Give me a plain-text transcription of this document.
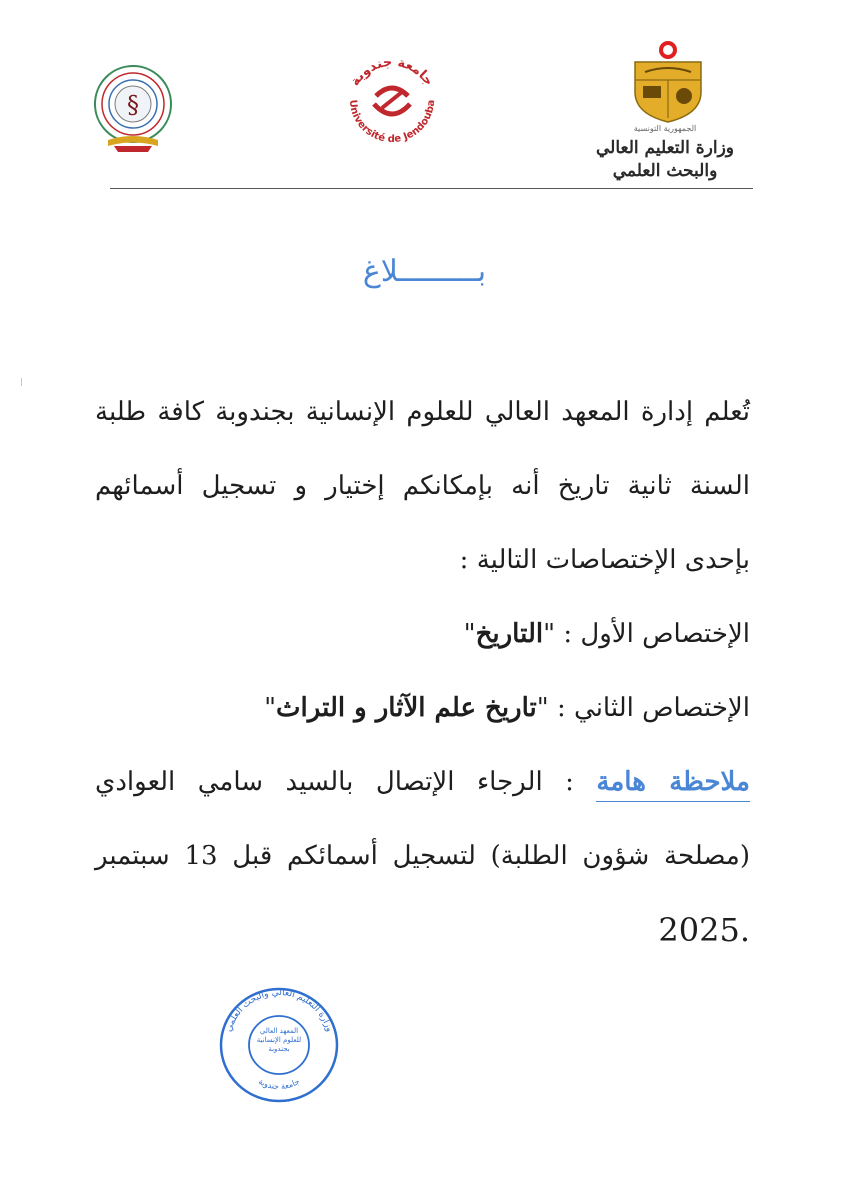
§
جامعة جندوبة
Université de Jendouba
الجمهورية التونسية
وزارة التعليم العالي
والبحث العلمي
بـــــــــلاغ
تُعلم إدارة المعهد العالي للعلوم الإنسانية بجندوبة كافة طلبة
السنة ثانية تاريخ أنه بإمكانكم إختيار و تسجيل أسمائهم
بإحدى الإختصاصات التالية :
الإختصاص الأول : "التاريخ"
الإختصاص الثاني : "تاريخ علم الآثار و التراث"
ملاحظة هامة : الرجاء الإتصال بالسيد سامي العوادي
(مصلحة شؤون الطلبة) لتسجيل أسمائكم قبل 13 سبتمبر
.2025
وزارة التعليم العالي والبحث العلمي
جامعة جندوبة
المعهد العالي للعلوم الإنسانية بجندوبة
